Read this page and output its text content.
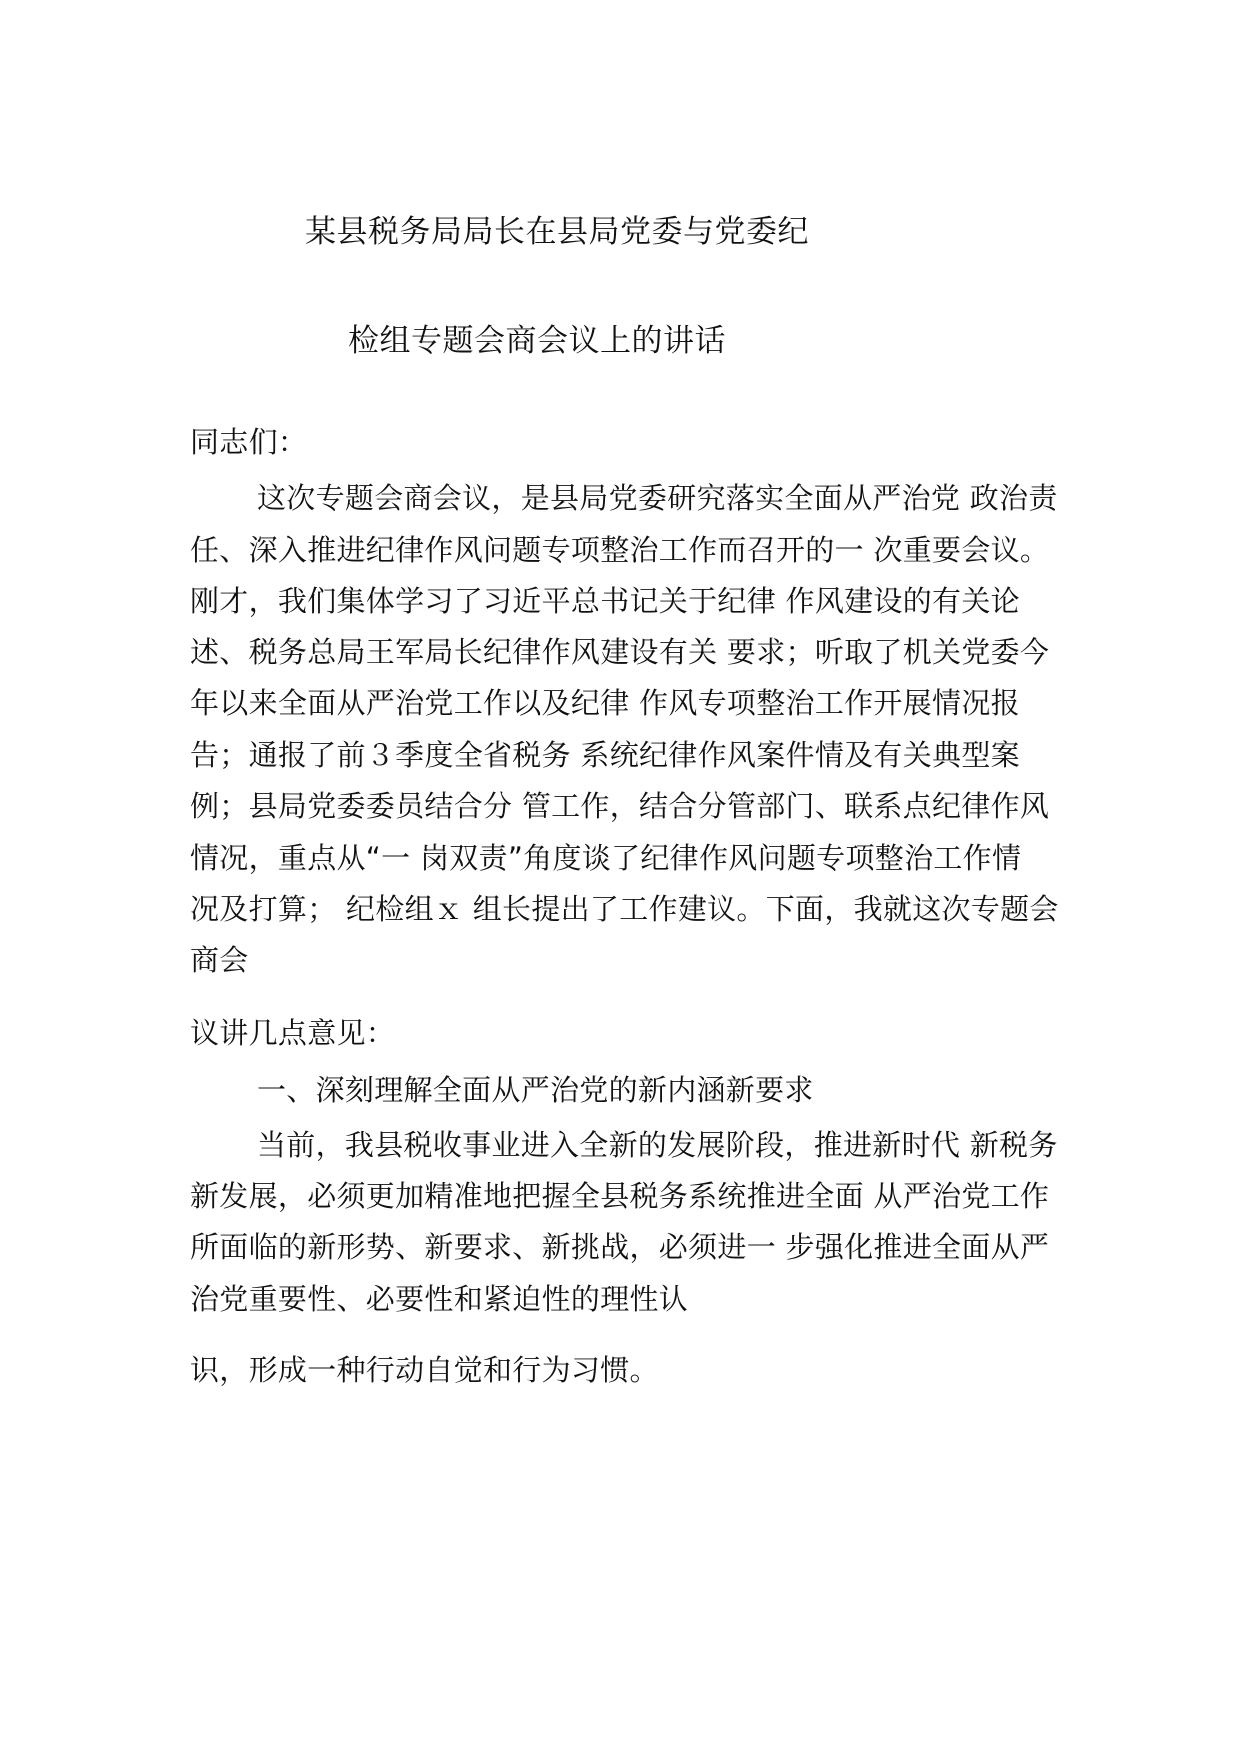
某县税务局局长在县局党委与党委纪
检组专题会商会议上的讲话
同志们：
这次专题会商会议，是县局党委研究落实全面从严治党 政治责
任、深入推进纪律作风问题专项整治工作而召开的一 次重要会议。
刚才，我们集体学习了习近平总书记关于纪律 作风建设的有关论
述、税务总局王军局长纪律作风建设有关 要求；听取了机关党委今
年以来全面从严治党工作以及纪律 作风专项整治工作开展情况报
告；通报了前３季度全省税务 系统纪律作风案件情及有关典型案
例；县局党委委员结合分 管工作，结合分管部门、联系点纪律作风
情况，重点从“一 岗双责”角度谈了纪律作风问题专项整治工作情
况及打算； 纪检组ｘ 组长提出了工作建议。下面，我就这次专题会
商会
议讲几点意见：
一、深刻理解全面从严治党的新内涵新要求
当前，我县税收事业进入全新的发展阶段，推进新时代 新税务
新发展，必须更加精准地把握全县税务系统推进全面 从严治党工作
所面临的新形势、新要求、新挑战，必须进一 步强化推进全面从严
治党重要性、必要性和紧迫性的理性认
识，形成一种行动自觉和行为习惯。
